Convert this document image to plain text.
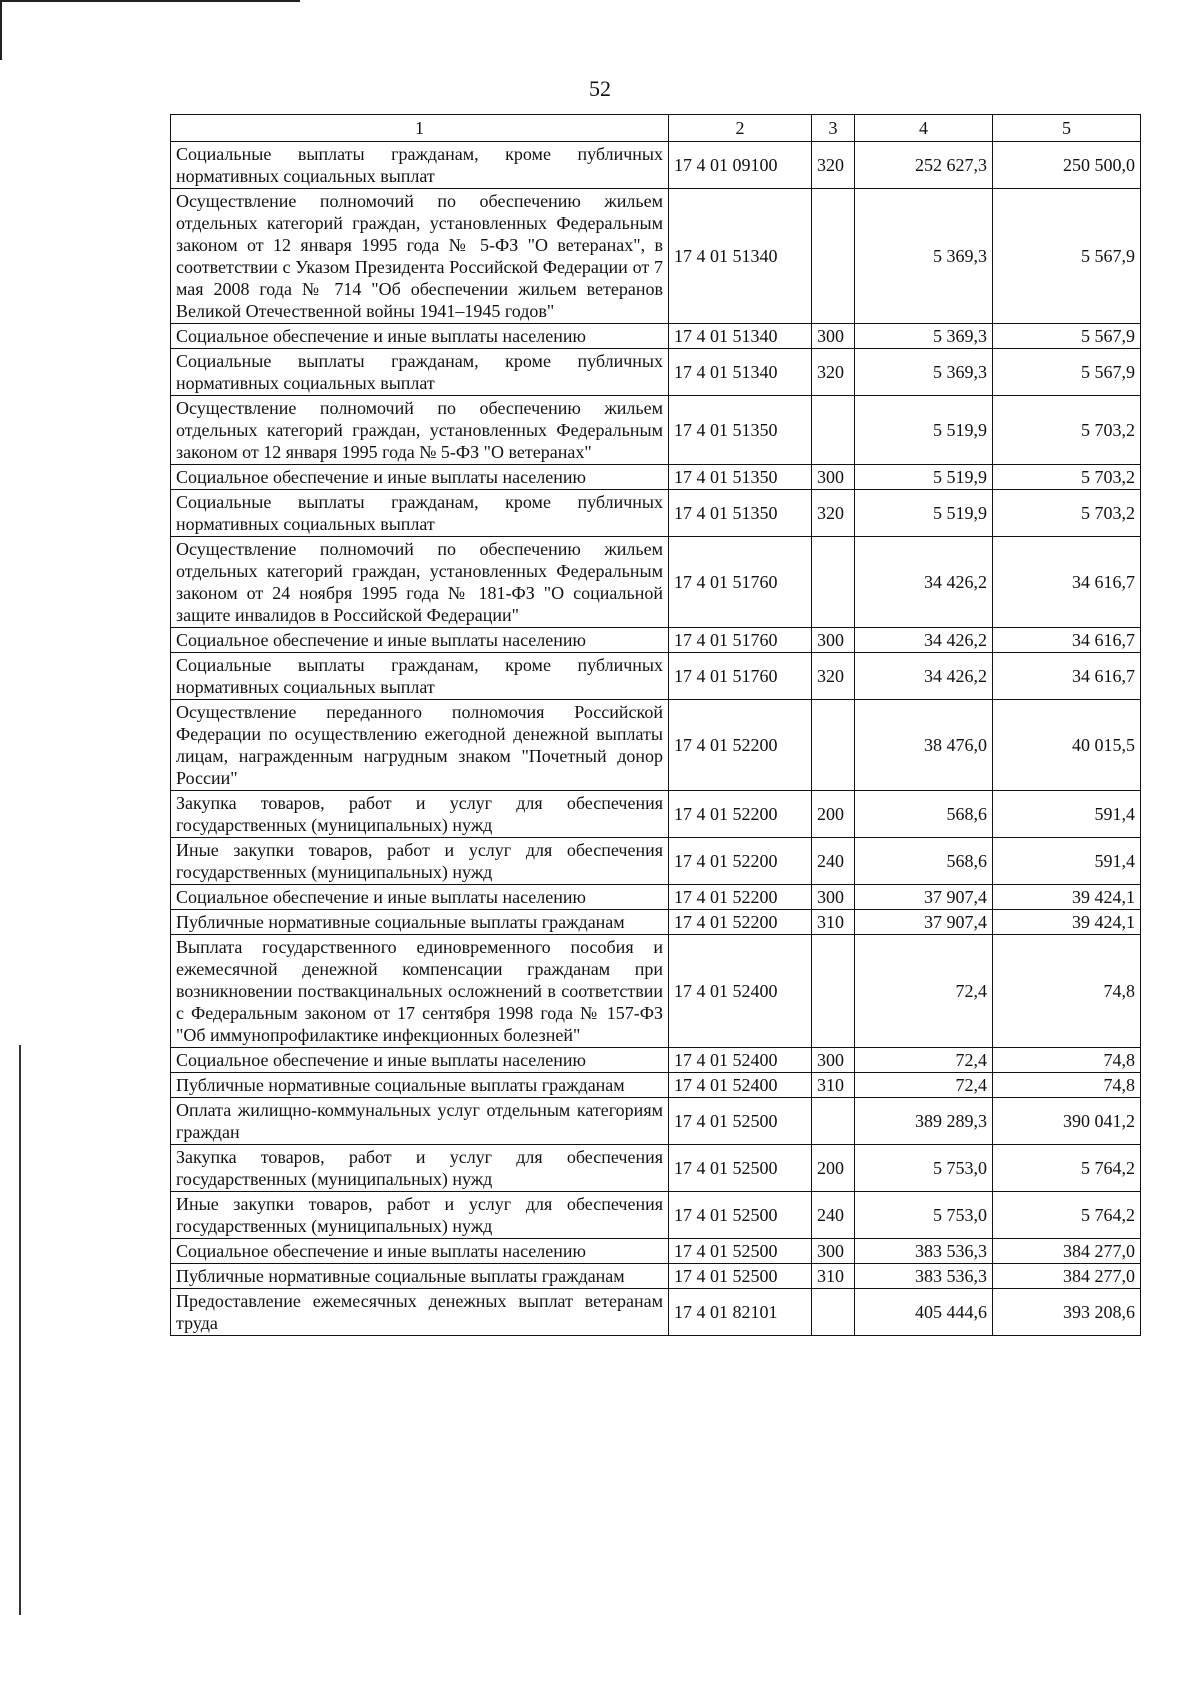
52
1	2	3	4	5
Социальные выплаты гражданам, кроме публичных нормативных социальных выплат	17 4 01 09100	320	252 627,3	250 500,0
Осуществление полномочий по обеспечению жильем отдельных категорий граждан, установленных Федеральным законом от 12 января 1995 года № 5-ФЗ "О ветеранах", в соответствии с Указом Президента Российской Федерации от 7 мая 2008 года № 714 "Об обеспечении жильем ветеранов Великой Отечественной войны 1941–1945 годов"	17 4 01 51340		5 369,3	5 567,9
Социальное обеспечение и иные выплаты населению	17 4 01 51340	300	5 369,3	5 567,9
Социальные выплаты гражданам, кроме публичных нормативных социальных выплат	17 4 01 51340	320	5 369,3	5 567,9
Осуществление полномочий по обеспечению жильем отдельных категорий граждан, установленных Федеральным законом от 12 января 1995 года № 5-ФЗ "О ветеранах"	17 4 01 51350		5 519,9	5 703,2
Социальное обеспечение и иные выплаты населению	17 4 01 51350	300	5 519,9	5 703,2
Социальные выплаты гражданам, кроме публичных нормативных социальных выплат	17 4 01 51350	320	5 519,9	5 703,2
Осуществление полномочий по обеспечению жильем отдельных категорий граждан, установленных Федеральным законом от 24 ноября 1995 года № 181-ФЗ "О социальной защите инвалидов в Российской Федерации"	17 4 01 51760		34 426,2	34 616,7
Социальное обеспечение и иные выплаты населению	17 4 01 51760	300	34 426,2	34 616,7
Социальные выплаты гражданам, кроме публичных нормативных социальных выплат	17 4 01 51760	320	34 426,2	34 616,7
Осуществление переданного полномочия Российской Федерации по осуществлению ежегодной денежной выплаты лицам, награжденным нагрудным знаком "Почетный донор России"	17 4 01 52200		38 476,0	40 015,5
Закупка товаров, работ и услуг для обеспечения государственных (муниципальных) нужд	17 4 01 52200	200	568,6	591,4
Иные закупки товаров, работ и услуг для обеспечения государственных (муниципальных) нужд	17 4 01 52200	240	568,6	591,4
Социальное обеспечение и иные выплаты населению	17 4 01 52200	300	37 907,4	39 424,1
Публичные нормативные социальные выплаты гражданам	17 4 01 52200	310	37 907,4	39 424,1
Выплата государственного единовременного пособия и ежемесячной денежной компенсации гражданам при возникновении поствакцинальных осложнений в соответствии с Федеральным законом от 17 сентября 1998 года № 157-ФЗ "Об иммунопрофилактике инфекционных болезней"	17 4 01 52400		72,4	74,8
Социальное обеспечение и иные выплаты населению	17 4 01 52400	300	72,4	74,8
Публичные нормативные социальные выплаты гражданам	17 4 01 52400	310	72,4	74,8
Оплата жилищно-коммунальных услуг отдельным категориям граждан	17 4 01 52500		389 289,3	390 041,2
Закупка товаров, работ и услуг для обеспечения государственных (муниципальных) нужд	17 4 01 52500	200	5 753,0	5 764,2
Иные закупки товаров, работ и услуг для обеспечения государственных (муниципальных) нужд	17 4 01 52500	240	5 753,0	5 764,2
Социальное обеспечение и иные выплаты населению	17 4 01 52500	300	383 536,3	384 277,0
Публичные нормативные социальные выплаты гражданам	17 4 01 52500	310	383 536,3	384 277,0
Предоставление ежемесячных денежных выплат ветеранам труда	17 4 01 82101		405 444,6	393 208,6
